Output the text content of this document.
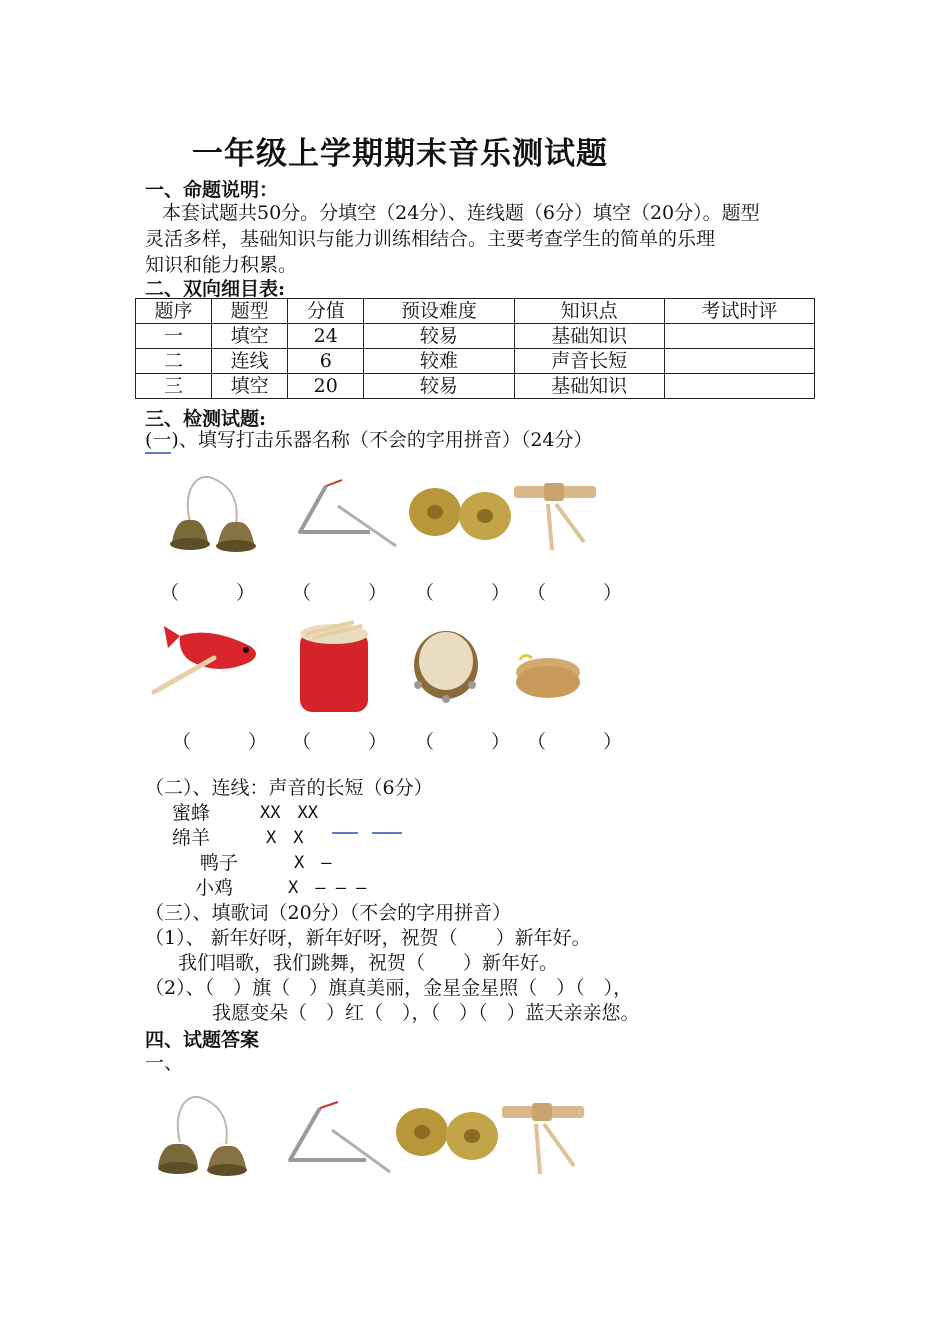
一年级上学期期末音乐测试题
一、命题说明：
本套试题共50分。分填空（24分）、连线题（6分）填空（20分）。题型
灵活多样，基础知识与能力训练相结合。主要考查学生的简单的乐理
知识和能力积累。
二、双向细目表:
题序	题型	分值	预设难度	知识点	考试时评
一	填空	24	较易	基础知识	
二	连线	6	较难	声音长短	
三	填空	20	较易	基础知识	
三、检测试题:
(一)、填写打击乐器名称（不会的字用拼音）（24分）
（　　　） （　　　） （　　　） （　　　）
（　　　） （　　　） （　　　） （　　　）
（二）、连线：声音的长短（6分）
蜜蜂	XX　XX
绵羊	X　X
鸭子	X　–
小鸡	X　– – –
（三）、填歌词（20分）（不会的字用拼音）
（1）、 新年好呀，新年好呀，祝贺（　　）新年好。
我们唱歌，我们跳舞，祝贺（　　）新年好。
（2）、（　）旗（　）旗真美丽，金星金星照（　）（　），
我愿变朵（　）红（　），（　）（　）蓝天亲亲您。
四、试题答案
一、
